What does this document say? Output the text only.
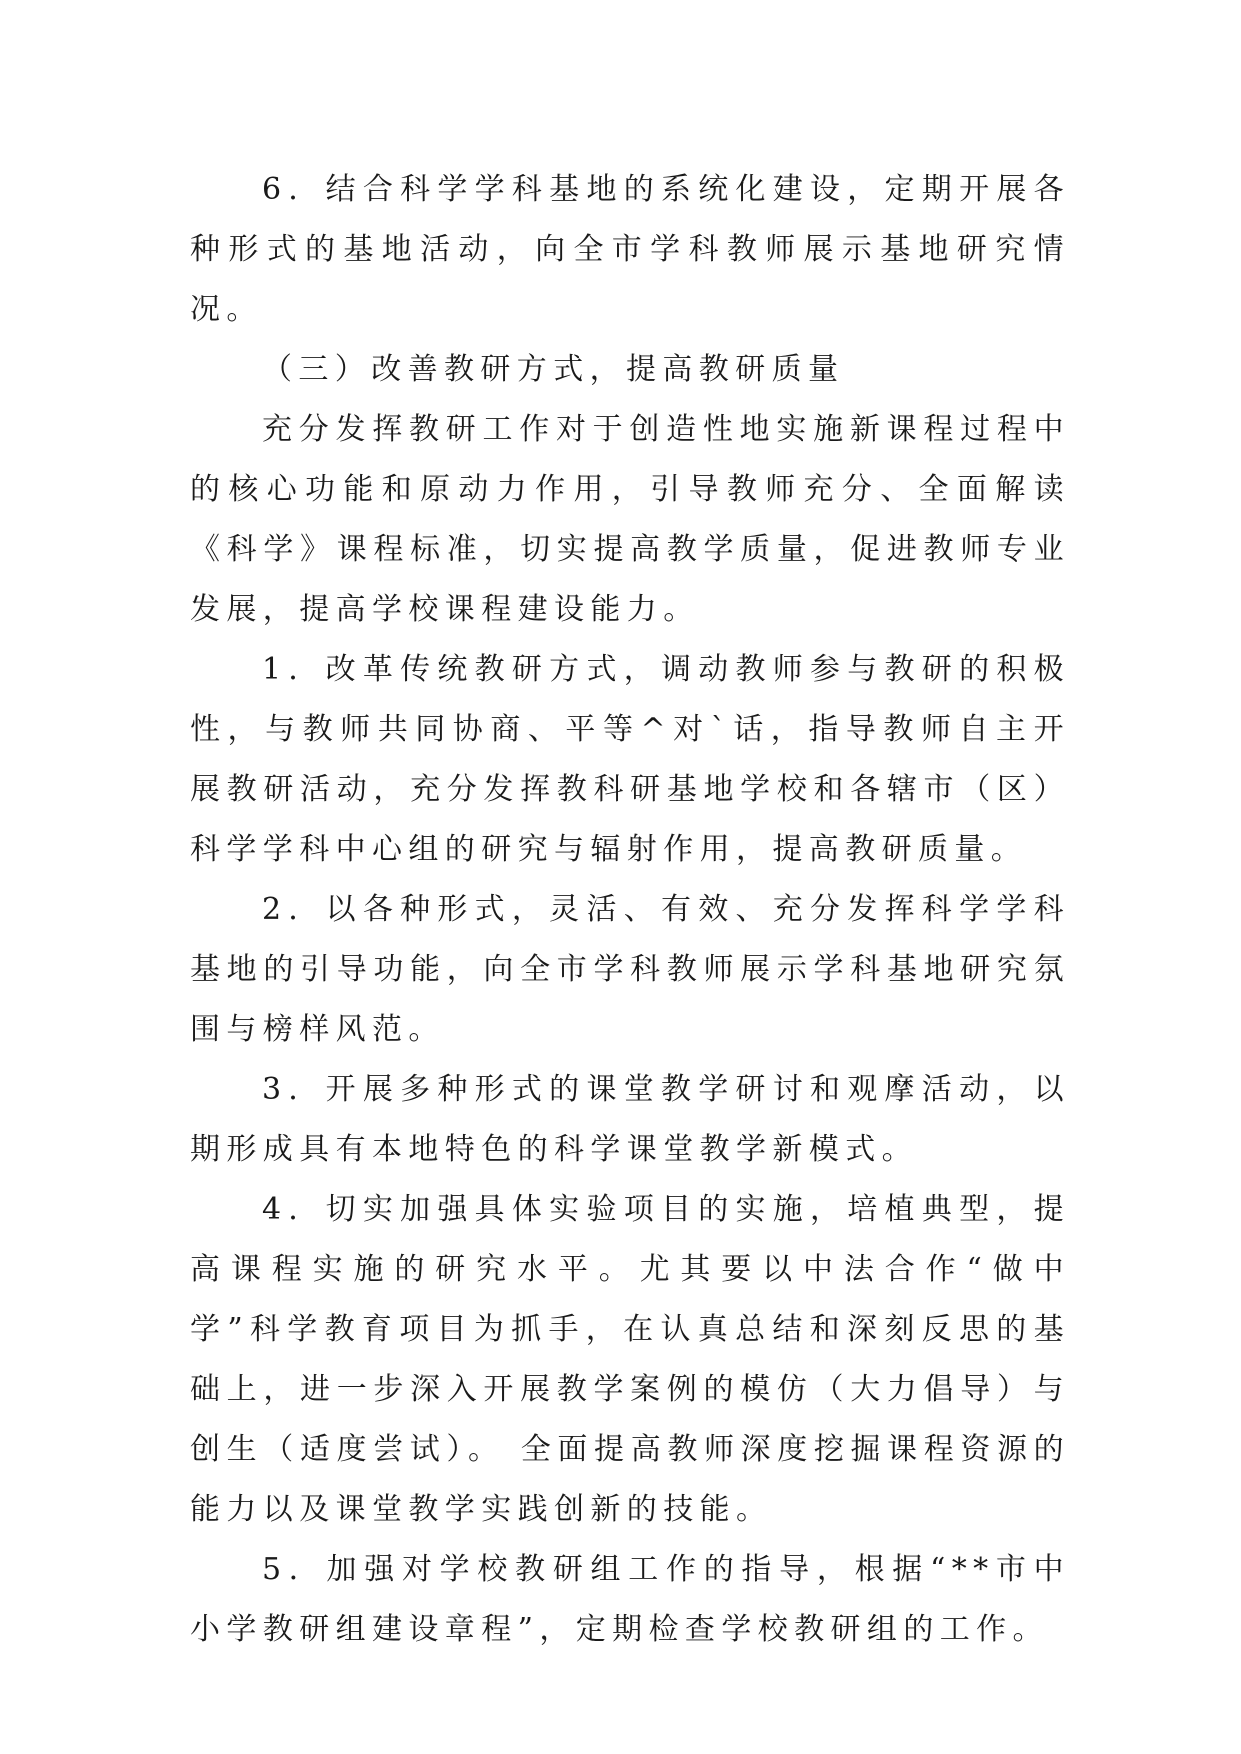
6．结合科学学科基地的系统化建设，定期开展各种形式的基地活动，向全市学科教师展示基地研究情况。

（三）改善教研方式，提高教研质量

充分发挥教研工作对于创造性地实施新课程过程中的核心功能和原动力作用，引导教师充分、全面解读《科学》课程标准，切实提高教学质量，促进教师专业发展，提高学校课程建设能力。

1．改革传统教研方式，调动教师参与教研的积极性，与教师共同协商、平等^对`话，指导教师自主开展教研活动，充分发挥教科研基地学校和各辖市（区）科学学科中心组的研究与辐射作用，提高教研质量。

2．以各种形式，灵活、有效、充分发挥科学学科基地的引导功能，向全市学科教师展示学科基地研究氛围与榜样风范。

3．开展多种形式的课堂教学研讨和观摩活动，以期形成具有本地特色的科学课堂教学新模式。

4．切实加强具体实验项目的实施，培植典型，提高课程实施的研究水平。尤其要以中法合作“做中学”科学教育项目为抓手，在认真总结和深刻反思的基础上，进一步深入开展教学案例的模仿（大力倡导）与创生（适度尝试）。 全面提高教师深度挖掘课程资源的能力以及课堂教学实践创新的技能。

5．加强对学校教研组工作的指导，根据“**市中小学教研组建设章程”，定期检查学校教研组的工作。
